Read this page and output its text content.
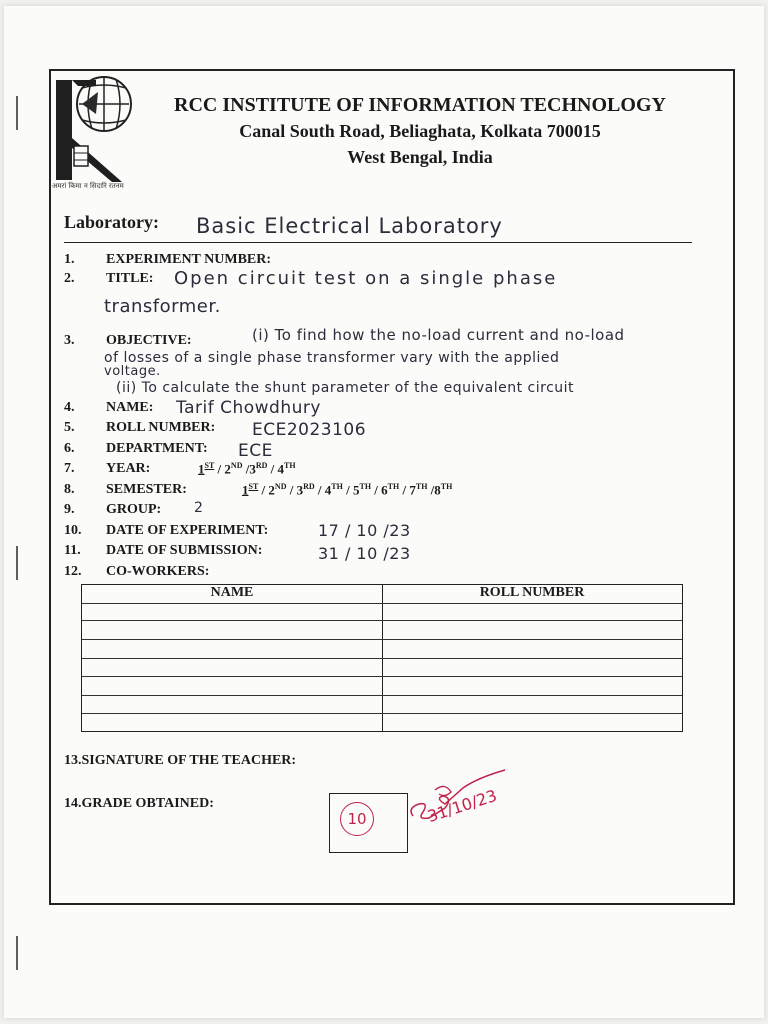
अमरां किमा न सिदारि रतनम
RCC INSTITUTE OF INFORMATION TECHNOLOGY
Canal South Road, Beliaghata, Kolkata 700015
West Bengal, India
Laboratory: Basic Electrical Laboratory
1. EXPERIMENT NUMBER:
2. TITLE: Open circuit test on a single phase
transformer.
3. OBJECTIVE:	(i) To find how the no-load current and no-load
of losses of a single phase transformer vary with the applied
voltage.
(ii) To calculate the shunt parameter of the equivalent circuit
4. NAME: Tarif Chowdhury
5. ROLL NUMBER: ECE2023106
6. DEPARTMENT: ECE
7. YEAR:	1ST / 2ND /3RD / 4TH
8. SEMESTER:	1ST / 2ND / 3RD / 4TH / 5TH / 6TH / 7TH /8TH
9. GROUP: 2
10. DATE OF EXPERIMENT:	17 / 10 /23
11. DATE OF SUBMISSION:	31 / 10 /23
12. CO-WORKERS:
NAME	ROLL NUMBER
13.SIGNATURE OF THE TEACHER:
14.GRADE OBTAINED:
10	31/10/23
